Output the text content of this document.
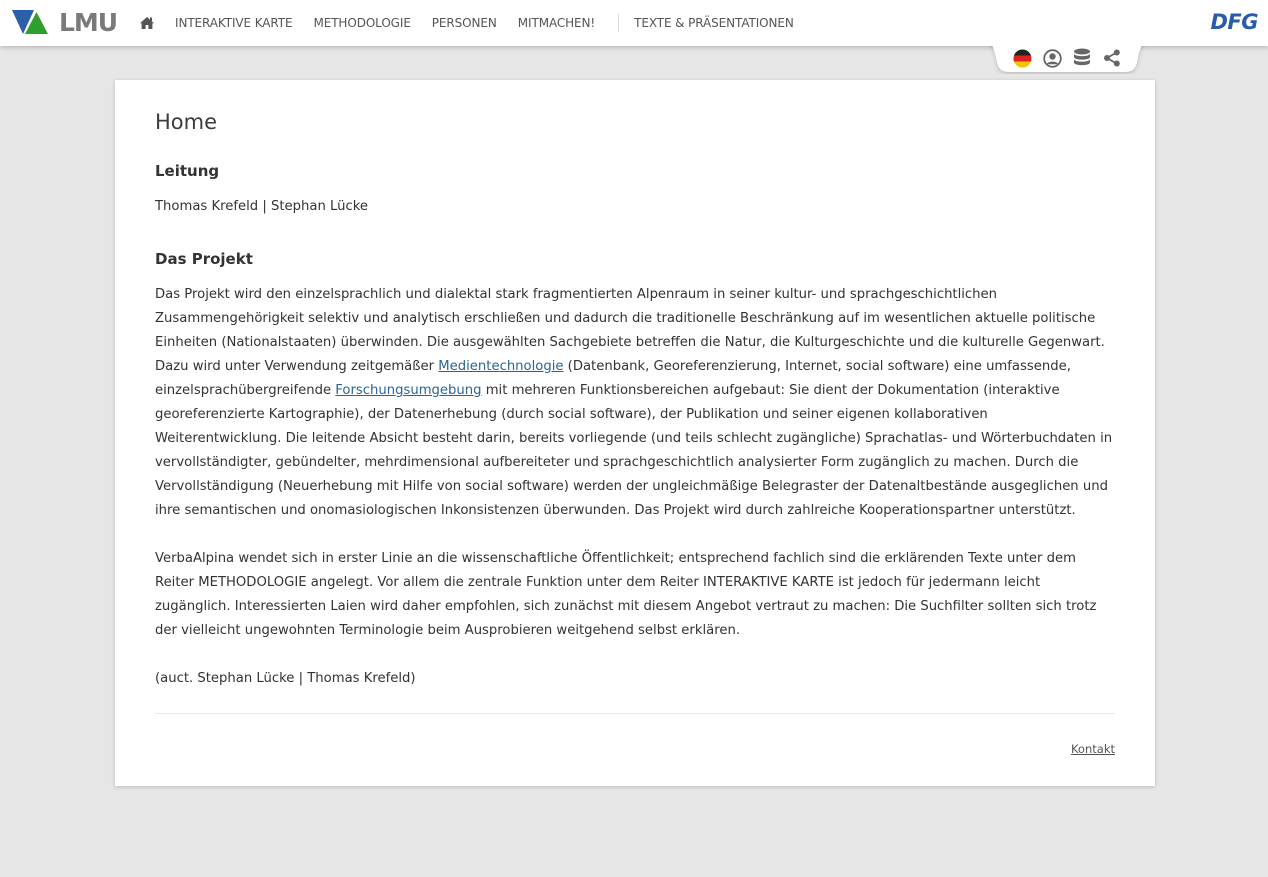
LMU	INTERAKTIVE KARTE METHODOLOGIE PERSONEN MITMACHEN!	TEXTE & PRÄSENTATIONEN	DFG
Home
Leitung

Thomas Krefeld | Stephan Lücke

Das Projekt

Das Projekt wird den einzelsprachlich und dialektal stark fragmentierten Alpenraum in seiner kultur- und sprachgeschichtlichen Zusammengehörigkeit selektiv und analytisch erschließen und dadurch die traditionelle Beschränkung auf im wesentlichen aktuelle politische Einheiten (Nationalstaaten) überwinden. Die ausgewählten Sachgebiete betreffen die Natur, die Kulturgeschichte und die kulturelle Gegenwart. Dazu wird unter Verwendung zeitgemäßer Medientechnologie (Datenbank, Georeferenzierung, Internet, social software) eine umfassende, einzelsprachübergreifende Forschungsumgebung mit mehreren Funktionsbereichen aufgebaut: Sie dient der Dokumentation (interaktive georeferenzierte Kartographie), der Datenerhebung (durch social software), der Publikation und seiner eigenen kollaborativen Weiterentwicklung. Die leitende Absicht besteht darin, bereits vorliegende (und teils schlecht zugängliche) Sprachatlas- und Wörterbuchdaten in vervollständigter, gebündelter, mehrdimensional aufbereiteter und sprachgeschichtlich analysierter Form zugänglich zu machen. Durch die Vervollständigung (Neuerhebung mit Hilfe von social software) werden der ungleichmäßige Belegraster der Datenaltbestände ausgeglichen und ihre semantischen und onomasiologischen Inkonsistenzen überwunden. Das Projekt wird durch zahlreiche Kooperationspartner unterstützt.

VerbaAlpina wendet sich in erster Linie an die wissenschaftliche Öffentlichkeit; entsprechend fachlich sind die erklärenden Texte unter dem Reiter METHODOLOGIE angelegt. Vor allem die zentrale Funktion unter dem Reiter INTERAKTIVE KARTE ist jedoch für jedermann leicht zugänglich. Interessierten Laien wird daher empfohlen, sich zunächst mit diesem Angebot vertraut zu machen: Die Suchfilter sollten sich trotz der vielleicht ungewohnten Terminologie beim Ausprobieren weitgehend selbst erklären.

(auct. Stephan Lücke | Thomas Krefeld)

Kontakt
